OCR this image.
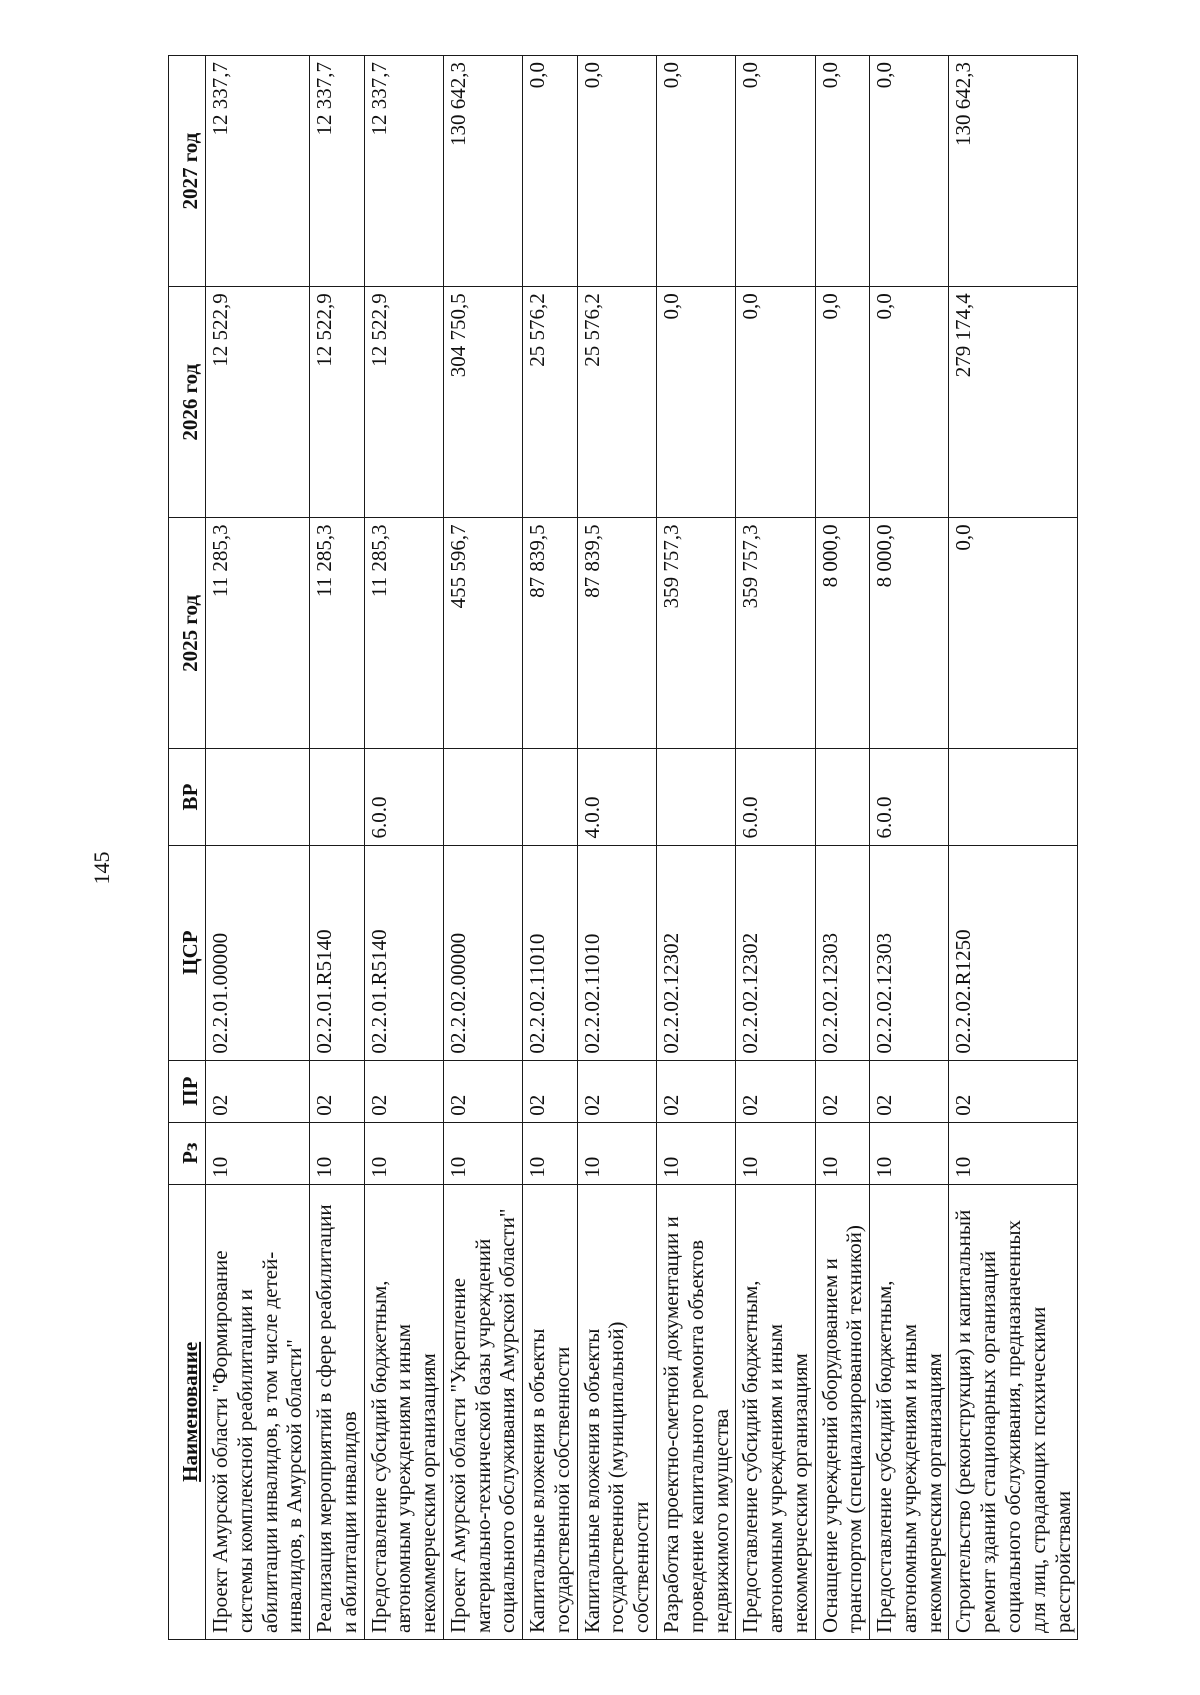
145
Наименование	Рз	ПР	ЦСР	ВР	2025 год	2026 год	2027 год
Проект Амурской области "Формирование системы комплексной реабилитации и абилитации инвалидов, в том числе детей-инвалидов, в Амурской области"	10	02	02.2.01.00000		11 285,3	12 522,9	12 337,7
Реализация мероприятий в сфере реабилитации и абилитации инвалидов	10	02	02.2.01.R5140		11 285,3	12 522,9	12 337,7
Предоставление субсидий бюджетным, автономным учреждениям и иным некоммерческим организациям	10	02	02.2.01.R5140	6.0.0	11 285,3	12 522,9	12 337,7
Проект Амурской области "Укрепление материально-технической базы учреждений социального обслуживания Амурской области"	10	02	02.2.02.00000		455 596,7	304 750,5	130 642,3
Капитальные вложения в объекты государственной собственности	10	02	02.2.02.11010		87 839,5	25 576,2	0,0
Капитальные вложения в объекты государственной (муниципальной) собственности	10	02	02.2.02.11010	4.0.0	87 839,5	25 576,2	0,0
Разработка проектно-сметной документации и проведение капитального ремонта объектов недвижимого имущества	10	02	02.2.02.12302		359 757,3	0,0	0,0
Предоставление субсидий бюджетным, автономным учреждениям и иным некоммерческим организациям	10	02	02.2.02.12302	6.0.0	359 757,3	0,0	0,0
Оснащение учреждений оборудованием и транспортом (специализированной техникой)	10	02	02.2.02.12303		8 000,0	0,0	0,0
Предоставление субсидий бюджетным, автономным учреждениям и иным некоммерческим организациям	10	02	02.2.02.12303	6.0.0	8 000,0	0,0	0,0
Строительство (реконструкция) и капитальный ремонт зданий стационарных организаций социального обслуживания, предназначенных для лиц, страдающих психическими расстройствами	10	02	02.2.02.R1250		0,0	279 174,4	130 642,3
